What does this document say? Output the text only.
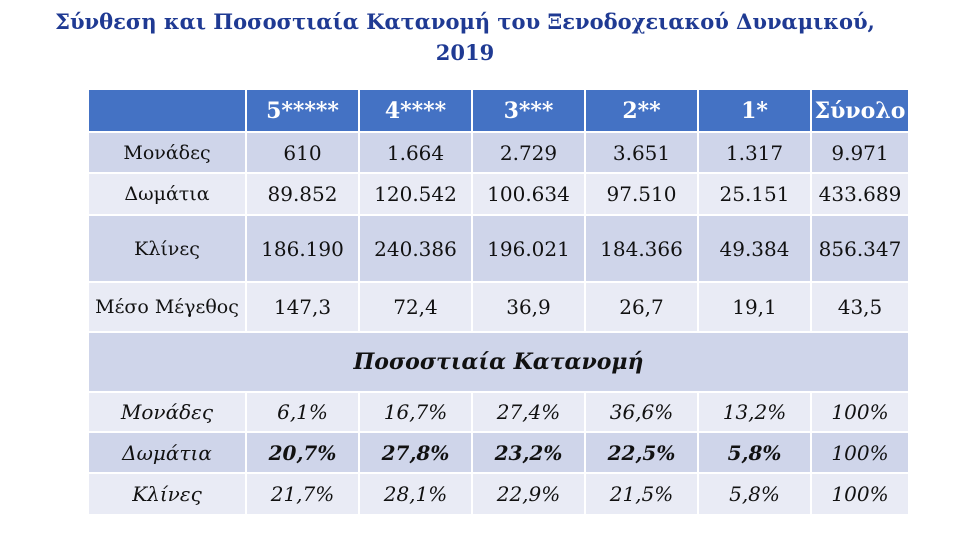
Σύνθεση και Ποσοστιαία Κατανομή του Ξενοδοχειακού Δυναμικού,
2019
	5*****	4****	3***	2**	1*	Σύνολο
Μονάδες	610	1.664	2.729	3.651	1.317	9.971
Δωμάτια	89.852	120.542	100.634	97.510	25.151	433.689
Κλίνες	186.190	240.386	196.021	184.366	49.384	856.347
Μέσο Μέγεθος	147,3	72,4	36,9	26,7	19,1	43,5
Ποσοστιαία Κατανομή						
Μονάδες	6,1%	16,7%	27,4%	36,6%	13,2%	100%
Δωμάτια	20,7%	27,8%	23,2%	22,5%	5,8%	100%
Κλίνες	21,7%	28,1%	22,9%	21,5%	5,8%	100%
